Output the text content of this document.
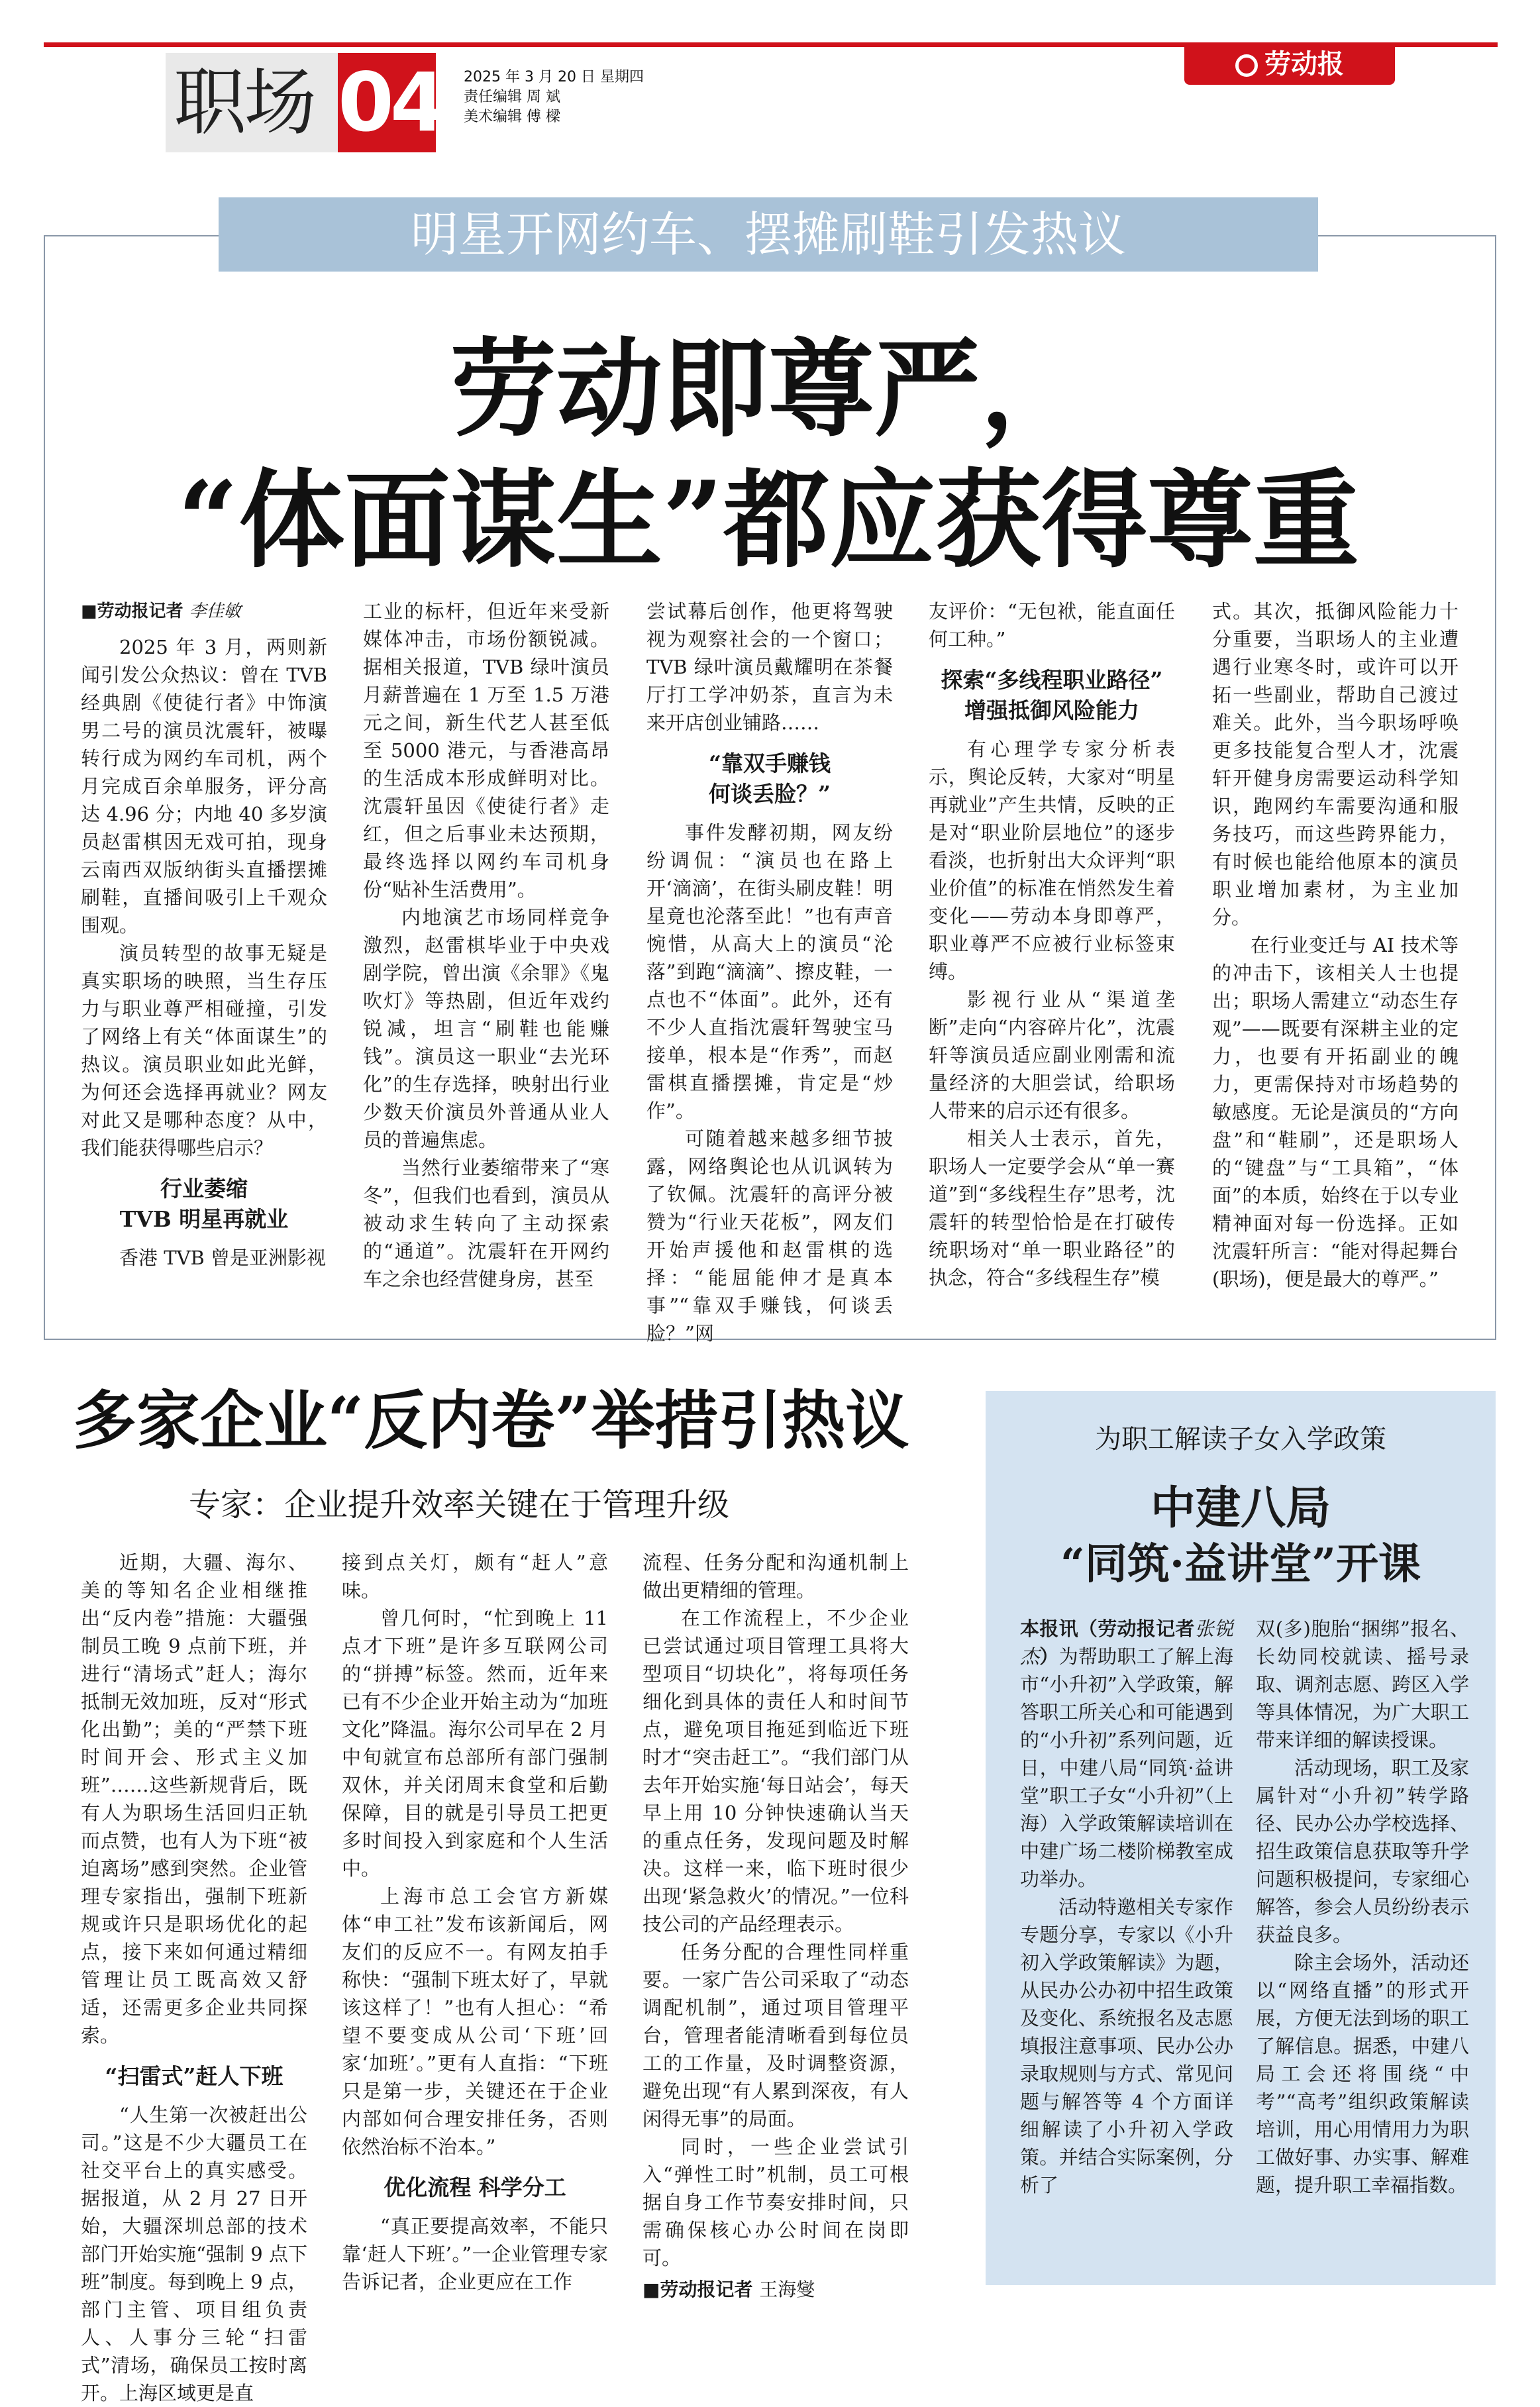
职场 04 2025 年 3 月 20 日 星期四
责任编辑 周 斌
美术编辑 傅 樑
劳动报
明星开网约车、摆摊刷鞋引发热议
劳动即尊严，
“体面谋生”都应获得尊重

■劳动报记者 李佳敏

2025 年 3 月，两则新闻引发公众热议：曾在 TVB 经典剧《使徒行者》中饰演男二号的演员沈震轩，被曝转行成为网约车司机，两个月完成百余单服务，评分高达 4.96 分；内地 40 多岁演员赵雷棋因无戏可拍，现身云南西双版纳街头直播摆摊刷鞋，直播间吸引上千观众围观。

演员转型的故事无疑是真实职场的映照，当生存压力与职业尊严相碰撞，引发了网络上有关“体面谋生”的热议。演员职业如此光鲜，为何还会选择再就业？网友对此又是哪种态度？从中，我们能获得哪些启示？

行业萎缩
TVB 明星再就业

香港 TVB 曾是亚洲影视

工业的标杆，但近年来受新媒体冲击，市场份额锐减。据相关报道，TVB 绿叶演员月薪普遍在 1 万至 1.5 万港元之间，新生代艺人甚至低至 5000 港元，与香港高昂的生活成本形成鲜明对比。沈震轩虽因《使徒行者》走红，但之后事业未达预期，最终选择以网约车司机身份“贴补生活费用”。

内地演艺市场同样竞争激烈，赵雷棋毕业于中央戏剧学院，曾出演《余罪》《鬼吹灯》等热剧，但近年戏约锐减，坦言“刷鞋也能赚钱”。演员这一职业“去光环化”的生存选择，映射出行业少数天价演员外普通从业人员的普遍焦虑。

当然行业萎缩带来了“寒冬”，但我们也看到，演员从被动求生转向了主动探索的“通道”。沈震轩在开网约车之余也经营健身房，甚至

尝试幕后创作，他更将驾驶视为观察社会的一个窗口；TVB 绿叶演员戴耀明在茶餐厅打工学冲奶茶，直言为未来开店创业铺路……

“靠双手赚钱
何谈丢脸？”

事件发酵初期，网友纷纷调侃：“演员也在路上开‘滴滴’，在街头刷皮鞋！明星竟也沦落至此！”也有声音惋惜，从高大上的演员“沦落”到跑“滴滴”、擦皮鞋，一点也不“体面”。此外，还有不少人直指沈震轩驾驶宝马接单，根本是“作秀”，而赵雷棋直播摆摊，肯定是“炒作”。

可随着越来越多细节披露，网络舆论也从讥讽转为了钦佩。沈震轩的高评分被赞为“行业天花板”，网友们开始声援他和赵雷棋的选择：“能屈能伸才是真本事”“靠双手赚钱，何谈丢脸？”网

友评价：“无包袱，能直面任何工种。”

探索“多线程职业路径”
增强抵御风险能力

有心理学专家分析表示，舆论反转，大家对“明星再就业”产生共情，反映的正是对“职业阶层地位”的逐步看淡，也折射出大众评判“职业价值”的标准在悄然发生着变化——劳动本身即尊严，职业尊严不应被行业标签束缚。

影视行业从“渠道垄断”走向“内容碎片化”，沈震轩等演员适应副业刚需和流量经济的大胆尝试，给职场人带来的启示还有很多。

相关人士表示，首先，职场人一定要学会从“单一赛道”到“多线程生存”思考，沈震轩的转型恰恰是在打破传统职场对“单一职业路径”的执念，符合“多线程生存”模

式。其次，抵御风险能力十分重要，当职场人的主业遭遇行业寒冬时，或许可以开拓一些副业，帮助自己渡过难关。此外，当今职场呼唤更多技能复合型人才，沈震轩开健身房需要运动科学知识，跑网约车需要沟通和服务技巧，而这些跨界能力，有时候也能给他原本的演员职业增加素材，为主业加分。

在行业变迁与 AI 技术等的冲击下，该相关人士也提出；职场人需建立“动态生存观”——既要有深耕主业的定力，也要有开拓副业的魄力，更需保持对市场趋势的敏感度。无论是演员的“方向盘”和“鞋刷”，还是职场人的“键盘”与“工具箱”，“体面”的本质，始终在于以专业精神面对每一份选择。正如沈震轩所言：“能对得起舞台(职场)，便是最大的尊严。”

多家企业“反内卷”举措引热议
专家：企业提升效率关键在于管理升级

近期，大疆、海尔、美的等知名企业相继推出“反内卷”措施：大疆强制员工晚 9 点前下班，并进行“清场式”赶人；海尔抵制无效加班，反对“形式化出勤”；美的“严禁下班时间开会、形式主义加班”……这些新规背后，既有人为职场生活回归正轨而点赞，也有人为下班“被迫离场”感到突然。企业管理专家指出，强制下班新规或许只是职场优化的起点，接下来如何通过精细管理让员工既高效又舒适，还需更多企业共同探索。

“扫雷式”赶人下班

“人生第一次被赶出公司。”这是不少大疆员工在社交平台上的真实感受。据报道，从 2 月 27 日开始，大疆深圳总部的技术部门开始实施“强制 9 点下班”制度。每到晚上 9 点，部门主管、项目组负责人、人事分三轮“扫雷式”清场，确保员工按时离开。上海区域更是直

接到点关灯，颇有“赶人”意味。

曾几何时，“忙到晚上 11 点才下班”是许多互联网公司的“拼搏”标签。然而，近年来已有不少企业开始主动为“加班文化”降温。海尔公司早在 2 月中旬就宣布总部所有部门强制双休，并关闭周末食堂和后勤保障，目的就是引导员工把更多时间投入到家庭和个人生活中。

上海市总工会官方新媒体“申工社”发布该新闻后，网友们的反应不一。有网友拍手称快：“强制下班太好了，早就该这样了！”也有人担心：“希望不要变成从公司‘下班’回家‘加班’。”更有人直指：“下班只是第一步，关键还在于企业内部如何合理安排任务，否则依然治标不治本。”

优化流程 科学分工

“真正要提高效率，不能只靠‘赶人下班’。”一企业管理专家告诉记者，企业更应在工作

流程、任务分配和沟通机制上做出更精细的管理。

在工作流程上，不少企业已尝试通过项目管理工具将大型项目“切块化”，将每项任务细化到具体的责任人和时间节点，避免项目拖延到临近下班时才“突击赶工”。“我们部门从去年开始实施‘每日站会’，每天早上用 10 分钟快速确认当天的重点任务，发现问题及时解决。这样一来，临下班时很少出现‘紧急救火’的情况。”一位科技公司的产品经理表示。

任务分配的合理性同样重要。一家广告公司采取了“动态调配机制”，通过项目管理平台，管理者能清晰看到每位员工的工作量，及时调整资源，避免出现“有人累到深夜，有人闲得无事”的局面。

同时，一些企业尝试引入“弹性工时”机制，员工可根据自身工作节奏安排时间，只需确保核心办公时间在岗即可。

■劳动报记者 王海燮

为职工解读子女入学政策
中建八局
“同筑·益讲堂”开课

本报讯（劳动报记者张锐杰）为帮助职工了解上海市“小升初”入学政策，解答职工所关心和可能遇到的“小升初”系列问题，近日，中建八局“同筑·益讲堂”职工子女“小升初”（上海）入学政策解读培训在中建广场二楼阶梯教室成功举办。

活动特邀相关专家作专题分享，专家以《小升初入学政策解读》为题，从民办公办初中招生政策及变化、系统报名及志愿填报注意事项、民办公办录取规则与方式、常见问题与解答等 4 个方面详细解读了小升初入学政策。并结合实际案例，分析了

双(多)胞胎“捆绑”报名、长幼同校就读、摇号录取、调剂志愿、跨区入学等具体情况，为广大职工带来详细的解读授课。

活动现场，职工及家属针对“小升初”转学路径、民办公办学校选择、招生政策信息获取等升学问题积极提问，专家细心解答，参会人员纷纷表示获益良多。

除主会场外，活动还以“网络直播”的形式开展，方便无法到场的职工了解信息。据悉，中建八局工会还将围绕“中考”“高考”组织政策解读培训，用心用情用力为职工做好事、办实事、解难题，提升职工幸福指数。
